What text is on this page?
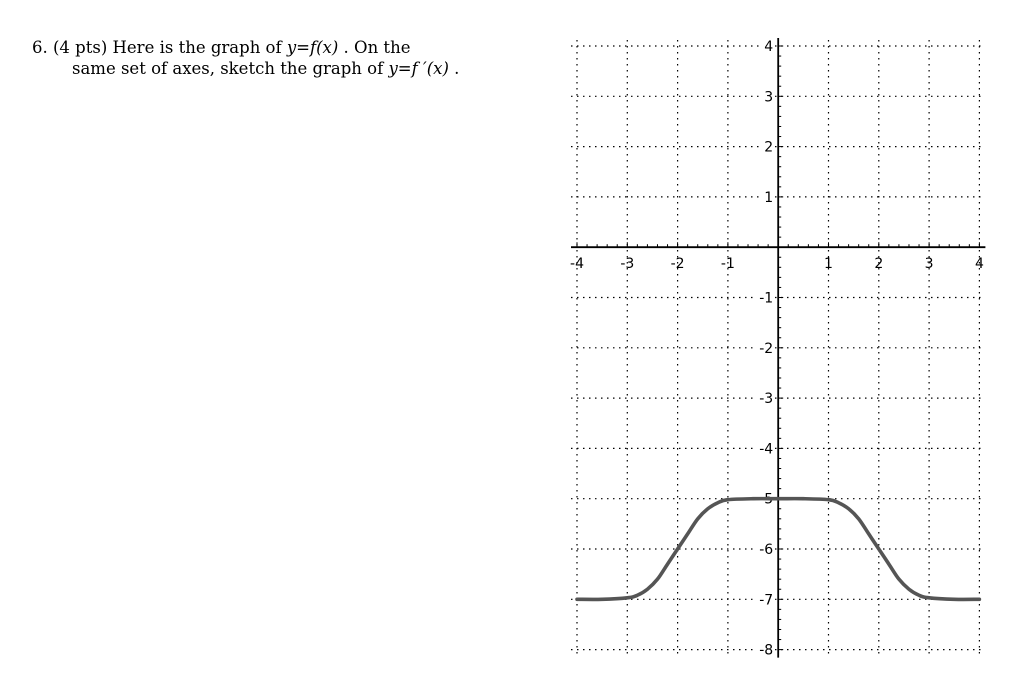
6. (4 pts) Here is the graph of y=f(x) . On the
same set of axes, sketch the graph of y=f ′(x) .
-4	-3	-2	-1	1	2	3	4
4
3
2
1
-1
-2
-3
-4
-5
-6
-7
-8
